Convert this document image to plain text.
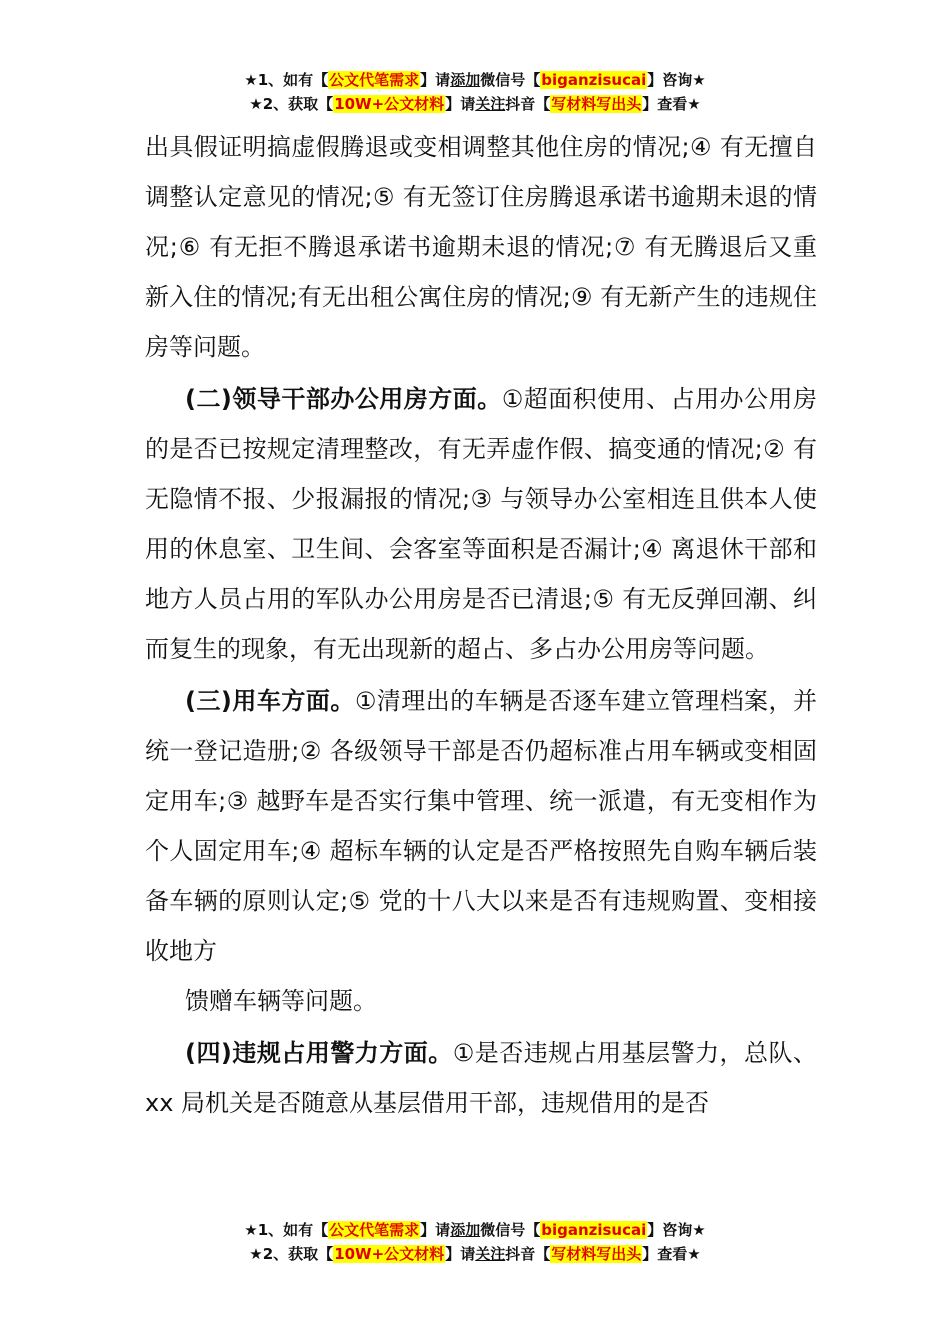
★1、如有【公文代笔需求】请添加微信号【biganzisucai】咨询★
★2、获取【10W+公文材料】请关注抖音【写材料写出头】查看★

出具假证明搞虚假腾退或变相调整其他住房的情况;④ 有无擅自调整认定意见的情况;⑤ 有无签订住房腾退承诺书逾期未退的情况;⑥ 有无拒不腾退承诺书逾期未退的情况;⑦ 有无腾退后又重新入住的情况;有无出租公寓住房的情况;⑨ 有无新产生的违规住房等问题。

(二)领导干部办公用房方面。①超面积使用、占用办公用房的是否已按规定清理整改，有无弄虚作假、搞变通的情况;② 有无隐情不报、少报漏报的情况;③ 与领导办公室相连且供本人使用的休息室、卫生间、会客室等面积是否漏计;④ 离退休干部和地方人员占用的军队办公用房是否已清退;⑤ 有无反弹回潮、纠而复生的现象，有无出现新的超占、多占办公用房等问题。

(三)用车方面。①清理出的车辆是否逐车建立管理档案，并统一登记造册;② 各级领导干部是否仍超标准占用车辆或变相固定用车;③ 越野车是否实行集中管理、统一派遣，有无变相作为个人固定用车;④ 超标车辆的认定是否严格按照先自购车辆后装备车辆的原则认定;⑤ 党的十八大以来是否有违规购置、变相接收地方

馈赠车辆等问题。

(四)违规占用警力方面。①是否违规占用基层警力，总队、xx 局机关是否随意从基层借用干部，违规借用的是否

★1、如有【公文代笔需求】请添加微信号【biganzisucai】咨询★
★2、获取【10W+公文材料】请关注抖音【写材料写出头】查看★
